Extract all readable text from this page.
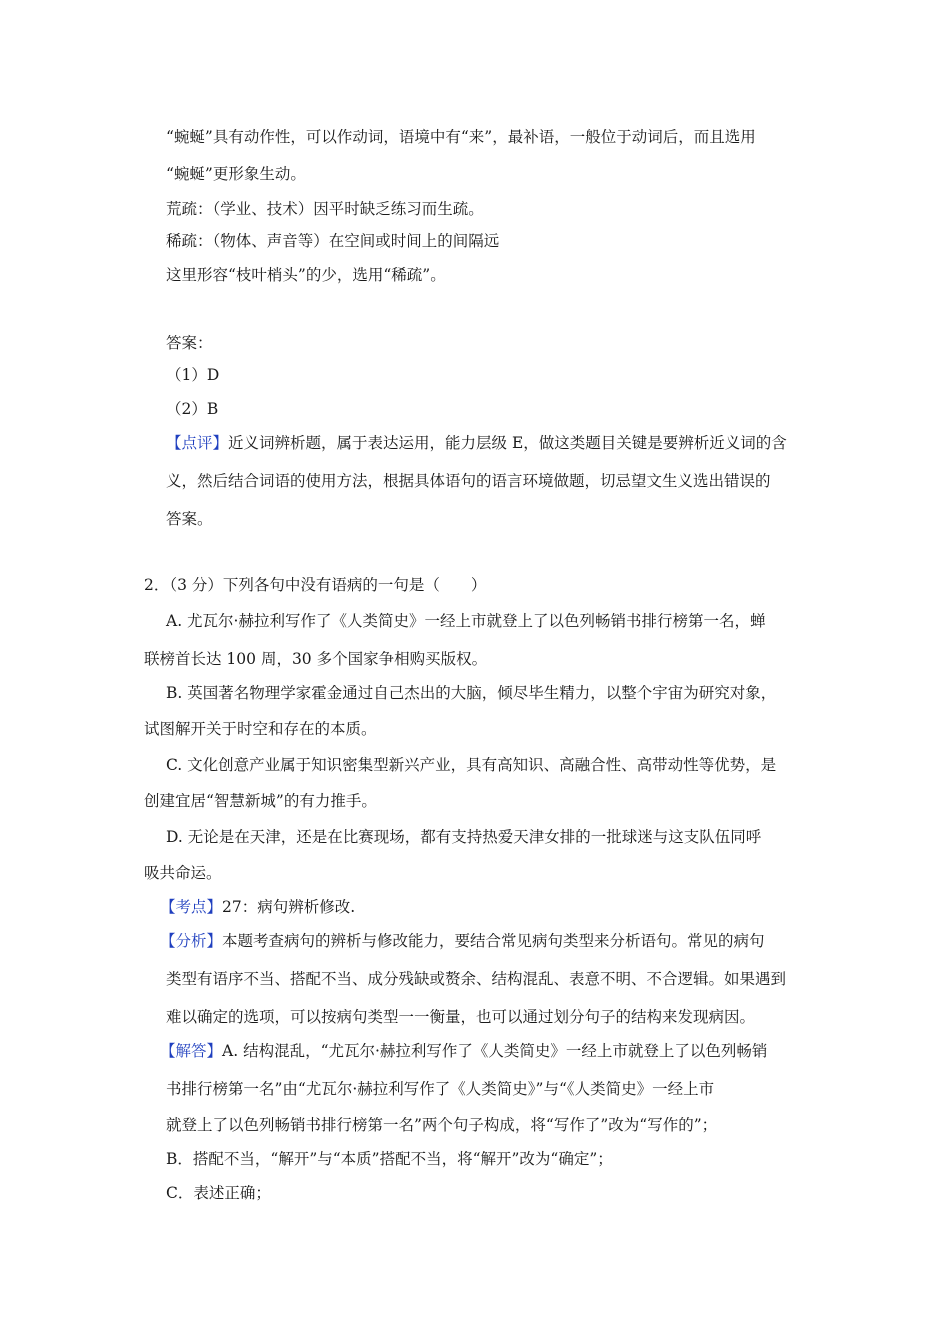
“蜿蜒”具有动作性，可以作动词，语境中有“来”，最补语，一般位于动词后，而且选用
“蜿蜒”更形象生动。
荒疏：（学业、技术）因平时缺乏练习而生疏。
稀疏：（物体、声音等）在空间或时间上的间隔远
这里形容“枝叶梢头”的少，选用“稀疏”。
答案：
（1）D
（2）B
【点评】近义词辨析题，属于表达运用，能力层级 E，做这类题目关键是要辨析近义词的含
义，然后结合词语的使用方法，根据具体语句的语言环境做题，切忌望文生义选出错误的
答案。
2．（3 分）下列各句中没有语病的一句是（　　）
A. 尤瓦尔·赫拉利写作了《人类简史》一经上市就登上了以色列畅销书排行榜第一名，蝉
联榜首长达 100 周，30 多个国家争相购买版权。
B. 英国著名物理学家霍金通过自己杰出的大脑，倾尽毕生精力，以整个宇宙为研究对象，
试图解开关于时空和存在的本质。
C. 文化创意产业属于知识密集型新兴产业，具有高知识、高融合性、高带动性等优势，是
创建宜居“智慧新城”的有力推手。
D. 无论是在天津，还是在比赛现场，都有支持热爱天津女排的一批球迷与这支队伍同呼
吸共命运。
【考点】27：病句辨析修改.
【分析】本题考查病句的辨析与修改能力，要结合常见病句类型来分析语句。常见的病句
类型有语序不当、搭配不当、成分残缺或赘余、结构混乱、表意不明、不合逻辑。如果遇到
难以确定的选项，可以按病句类型一一衡量，也可以通过划分句子的结构来发现病因。
【解答】A. 结构混乱，“尤瓦尔·赫拉利写作了《人类简史》一经上市就登上了以色列畅销
书排行榜第一名”由“尤瓦尔·赫拉利写作了《人类简史》”与“《人类简史》一经上市
就登上了以色列畅销书排行榜第一名”两个句子构成，将“写作了”改为“写作的”；
B．搭配不当，“解开”与“本质”搭配不当，将“解开”改为“确定”；
C．表述正确；
